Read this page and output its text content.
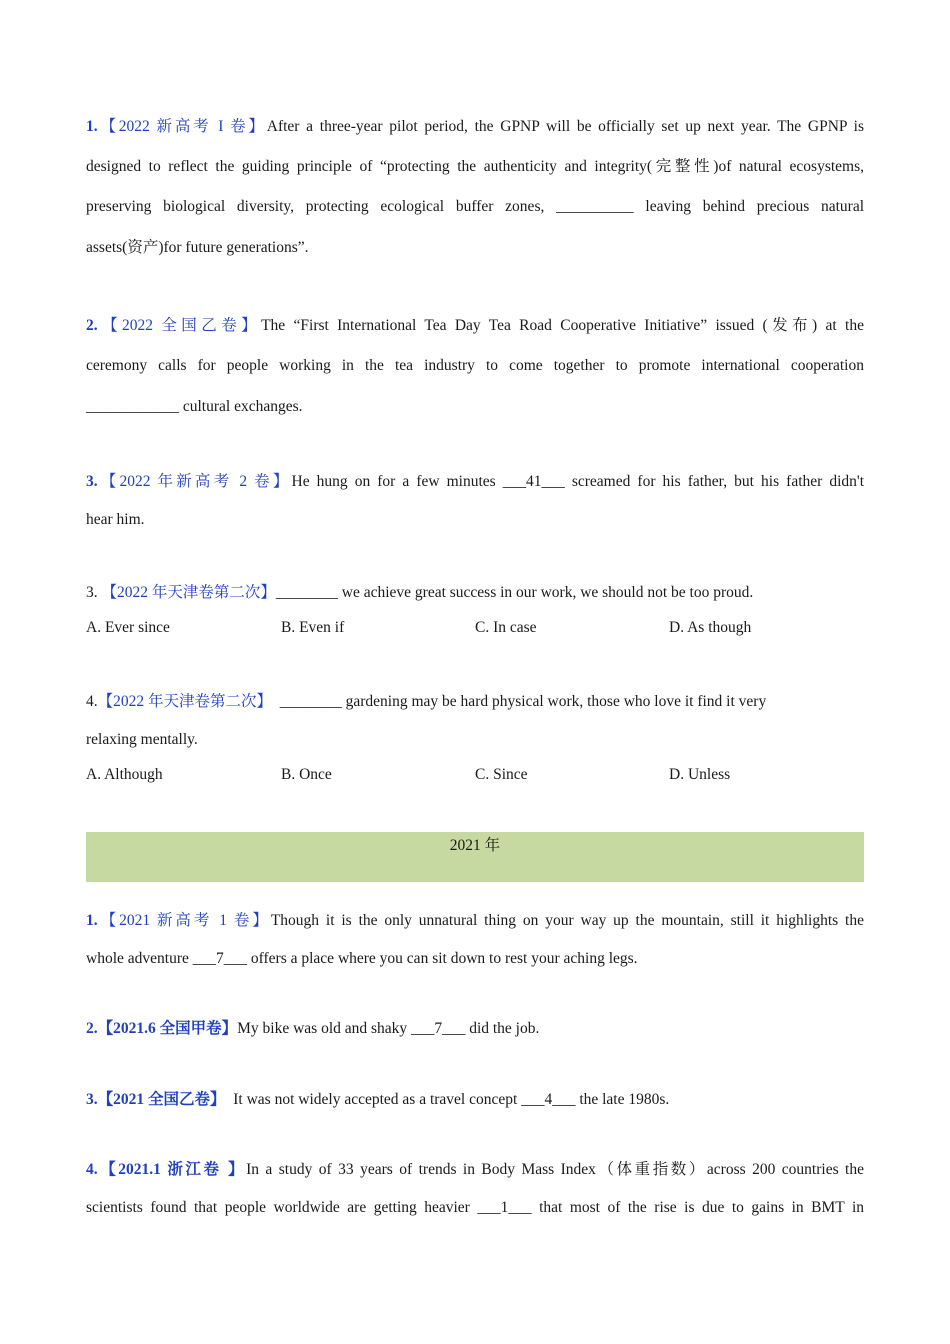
1.【2022 新高考 I 卷】After a three-year pilot period, the GPNP will be officially set up next year. The GPNP is
designed to reflect the guiding principle of “protecting the authenticity and integrity(完整性)of natural ecosystems,
preserving biological diversity, protecting ecological buffer zones, __________ leaving behind precious natural
assets(资产)for future generations”.
2.【2022 全国乙卷】The “First International Tea Day Tea Road Cooperative Initiative” issued (发布) at the
ceremony calls for people working in the tea industry to come together to promote international cooperation
____________ cultural exchanges.
3.【2022 年新高考 2 卷】He hung on for a few minutes ___41___ screamed for his father, but his father didn't
hear him.
3. 【2022 年天津卷第二次】________ we achieve great success in our work, we should not be too proud.
A. Ever since	B. Even if	C. In case	D. As though
4.【2022 年天津卷第二次】 ________ gardening may be hard physical work, those who love it find it very
relaxing mentally.
A. Although	B. Once	C. Since	D. Unless
2021 年
1.【2021 新高考 1 卷】Though it is the only unnatural thing on your way up the mountain, still it highlights the
whole adventure ___7___ offers a place where you can sit down to rest your aching legs.
2.【2021.6 全国甲卷】My bike was old and shaky ___7___ did the job.
3.【2021 全国乙卷】 It was not widely accepted as a travel concept ___4___ the late 1980s.
4.【2021.1 浙江卷 】In a study of 33 years of trends in Body Mass Index（体重指数）across 200 countries the
scientists found that people worldwide are getting heavier ___1___ that most of the rise is due to gains in BMT in
